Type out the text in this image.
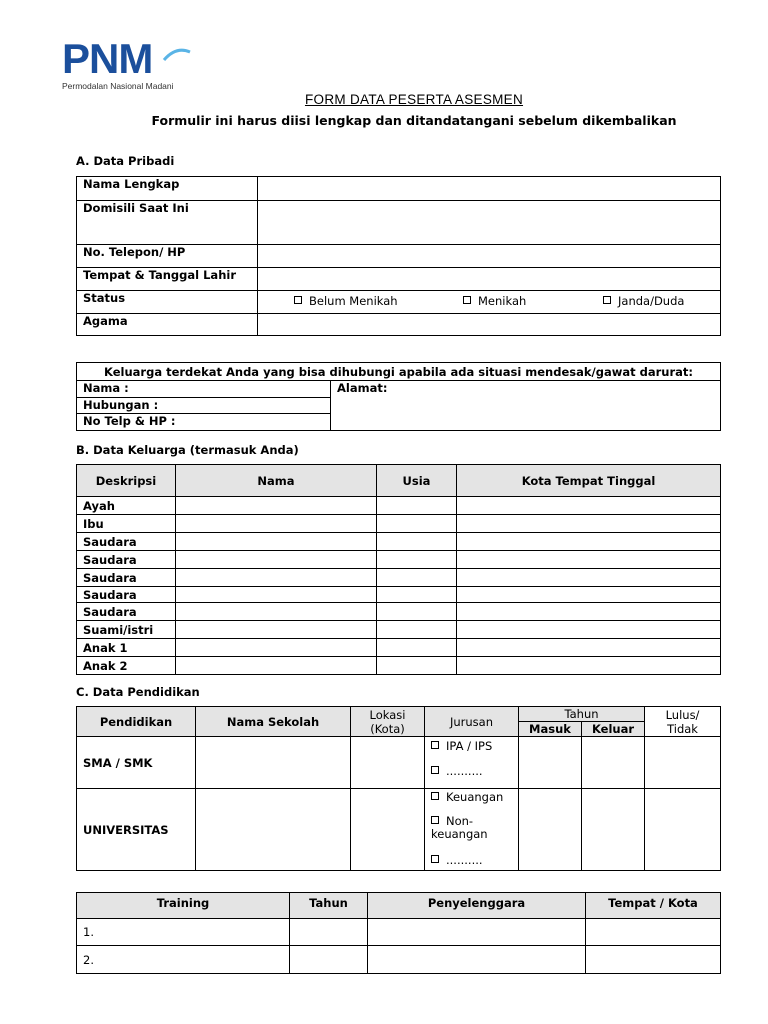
PNM
Permodalan Nasional Madani
FORM DATA PESERTA ASESMEN
Formulir ini harus diisi lengkap dan ditandatangani sebelum dikembalikan
A. Data Pribadi
Nama Lengkap	
Domisili Saat Ini	
No. Telepon/ HP	
Tempat & Tanggal Lahir	
Status	Belum Menikah Menikah Janda/Duda

Agama	
Keluarga terdekat Anda yang bisa dihubungi apabila ada situasi mendesak/gawat darurat:
Nama :	Alamat:
Hubungan :
No Telp & HP :
B. Data Keluarga (termasuk Anda)
Deskripsi	Nama	Usia	Kota Tempat Tinggal
Ayah			
Ibu			
Saudara			
Saudara			
Saudara			
Saudara			
Saudara			
Suami/istri			
Anak 1			
Anak 2			
C. Data Pendidikan
Pendidikan	Nama Sekolah	Lokasi (Kota)	Jurusan	Tahun		Lulus/ Tidak
				Masuk	Keluar	
SMA / SMK			IPA / IPS
..........			

UNIVERSITAS			Keuangan
Non-keuangan
..........			

Training	Tahun	Penyelenggara	Tempat / Kota
1.			
2.			
